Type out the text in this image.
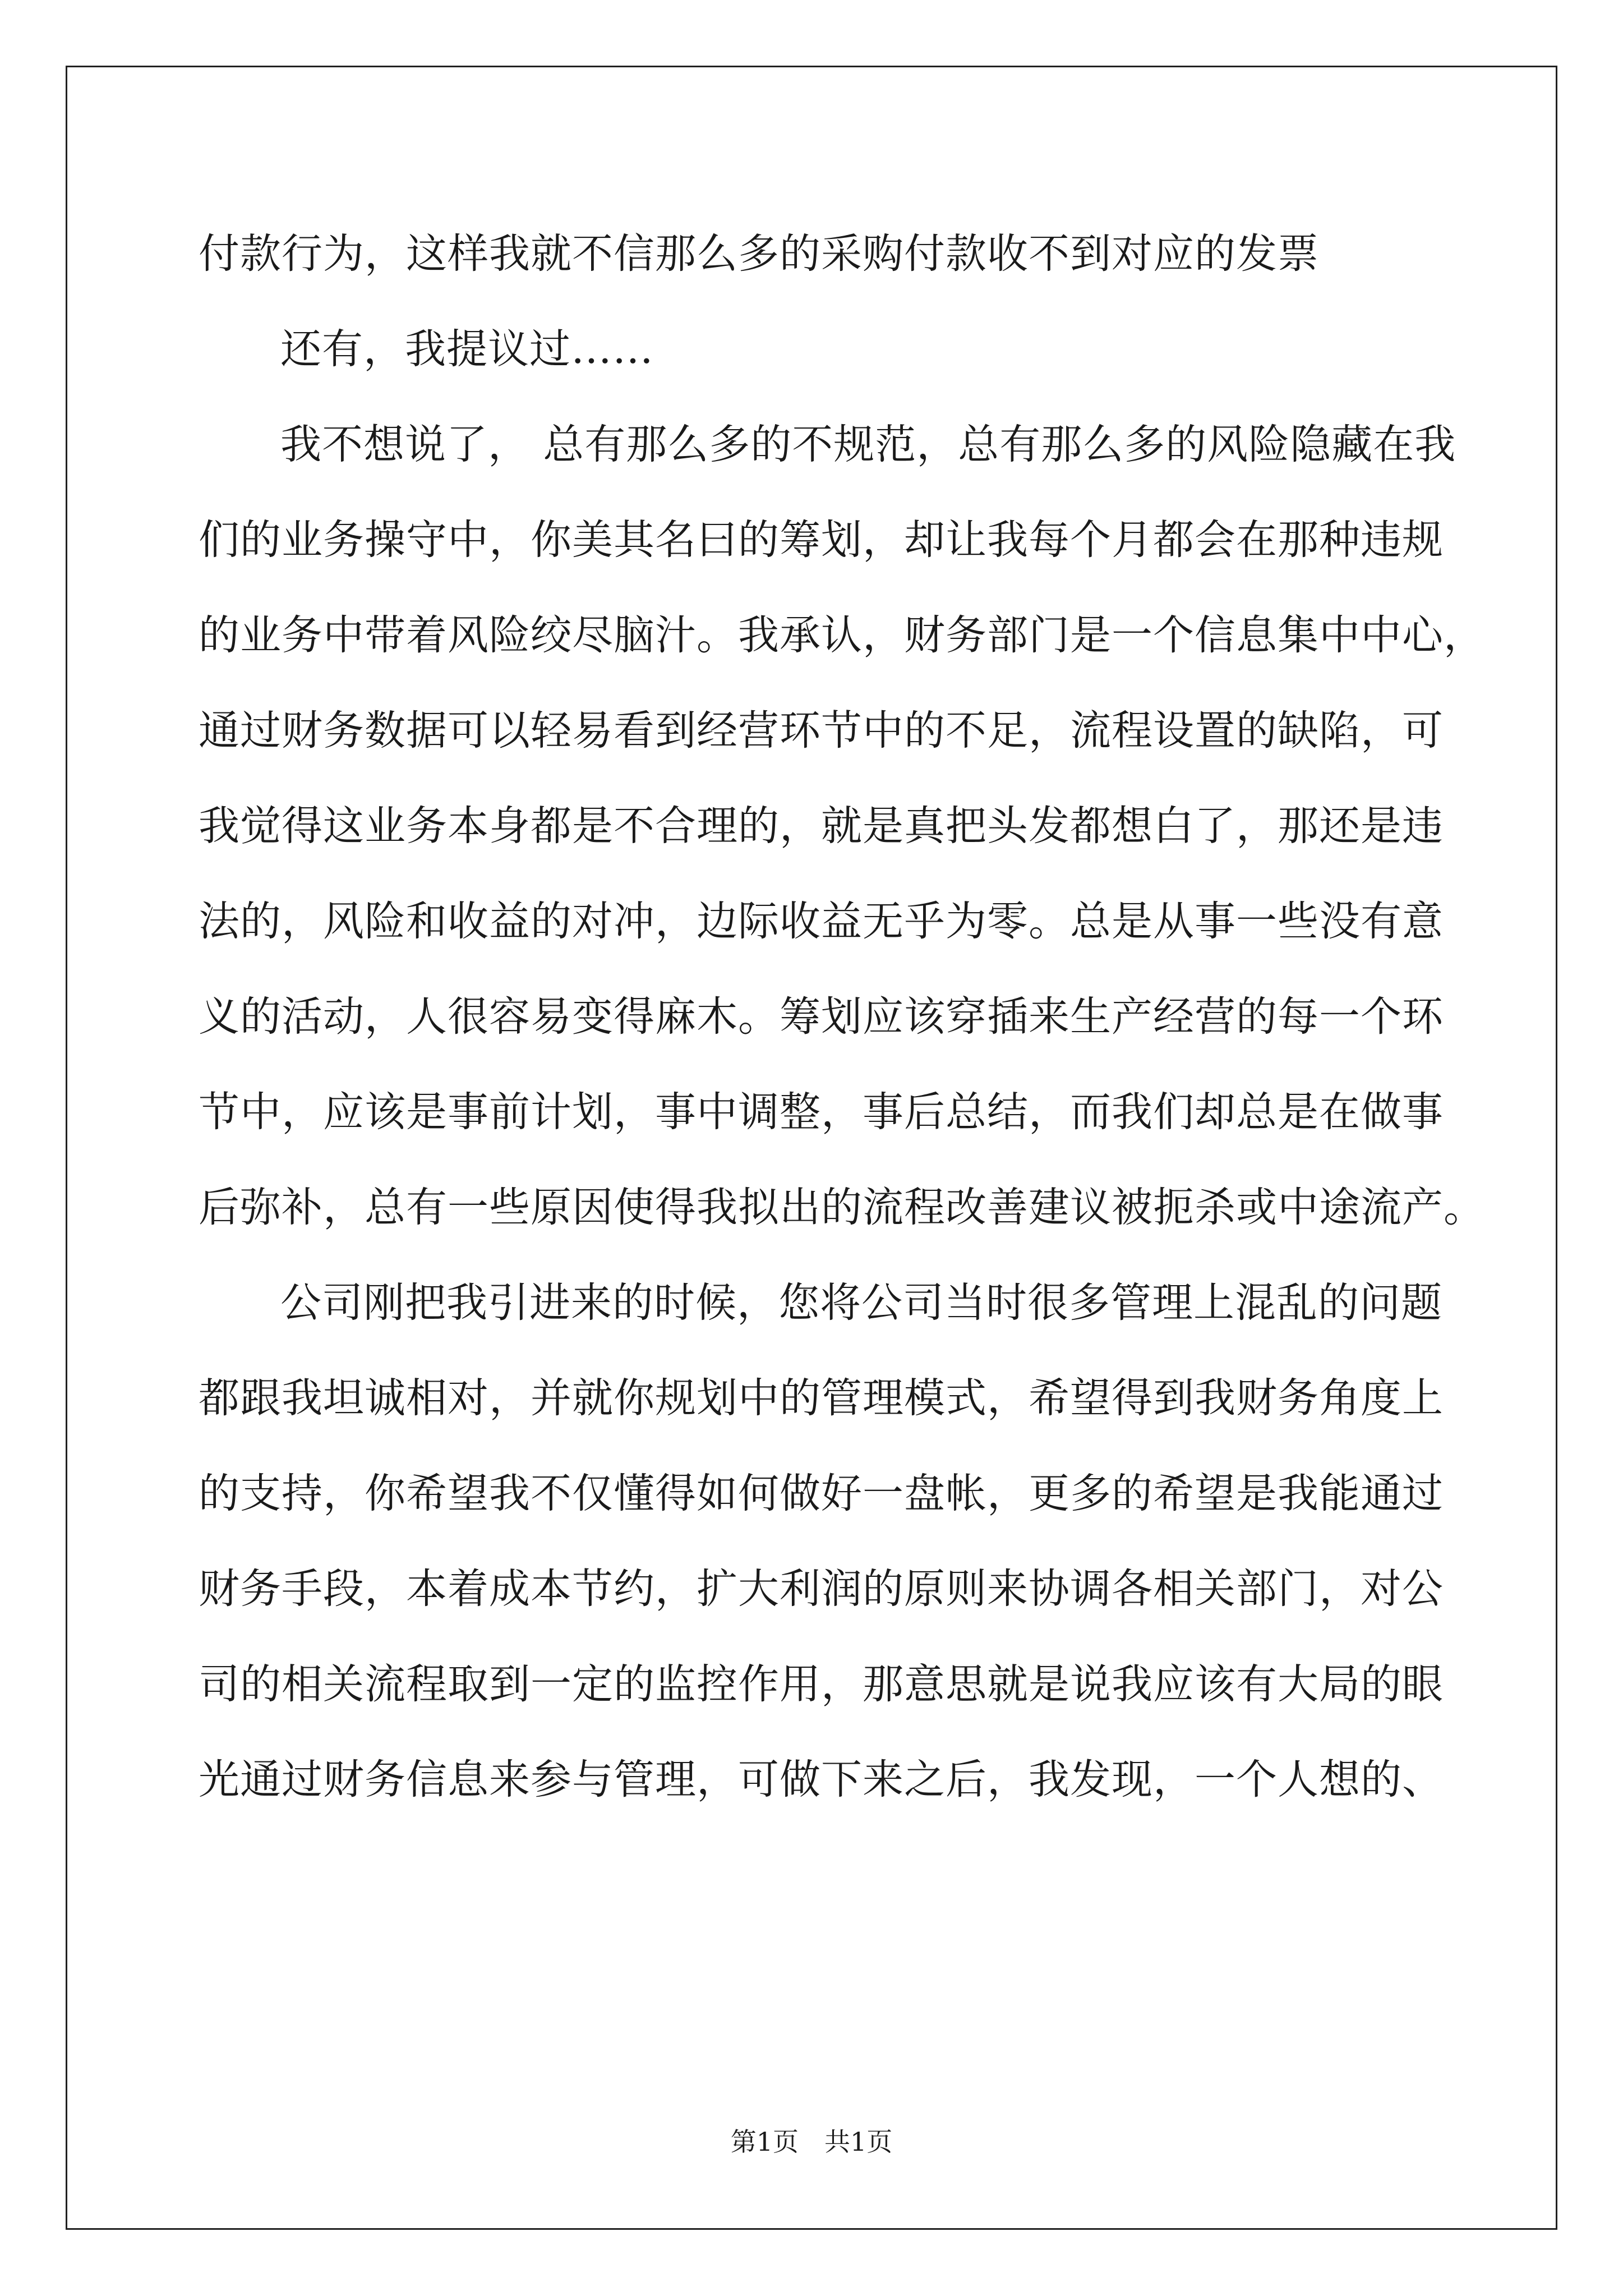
付款行为，这样我就不信那么多的采购付款收不到对应的发票
还有，我提议过……
我不想说了， 总有那么多的不规范，总有那么多的风险隐藏在我
们的业务操守中，你美其名曰的筹划，却让我每个月都会在那种违规
的业务中带着风险绞尽脑汁。我承认，财务部门是一个信息集中中心，
通过财务数据可以轻易看到经营环节中的不足，流程设置的缺陷，可
我觉得这业务本身都是不合理的，就是真把头发都想白了，那还是违
法的，风险和收益的对冲，边际收益无乎为零。总是从事一些没有意
义的活动，人很容易变得麻木。筹划应该穿插来生产经营的每一个环
节中，应该是事前计划，事中调整，事后总结，而我们却总是在做事
后弥补，总有一些原因使得我拟出的流程改善建议被扼杀或中途流产。
公司刚把我引进来的时候，您将公司当时很多管理上混乱的问题
都跟我坦诚相对，并就你规划中的管理模式，希望得到我财务角度上
的支持，你希望我不仅懂得如何做好一盘帐，更多的希望是我能通过
财务手段，本着成本节约，扩大利润的原则来协调各相关部门，对公
司的相关流程取到一定的监控作用，那意思就是说我应该有大局的眼
光通过财务信息来参与管理，可做下来之后，我发现，一个人想的、
第1页　共1页
